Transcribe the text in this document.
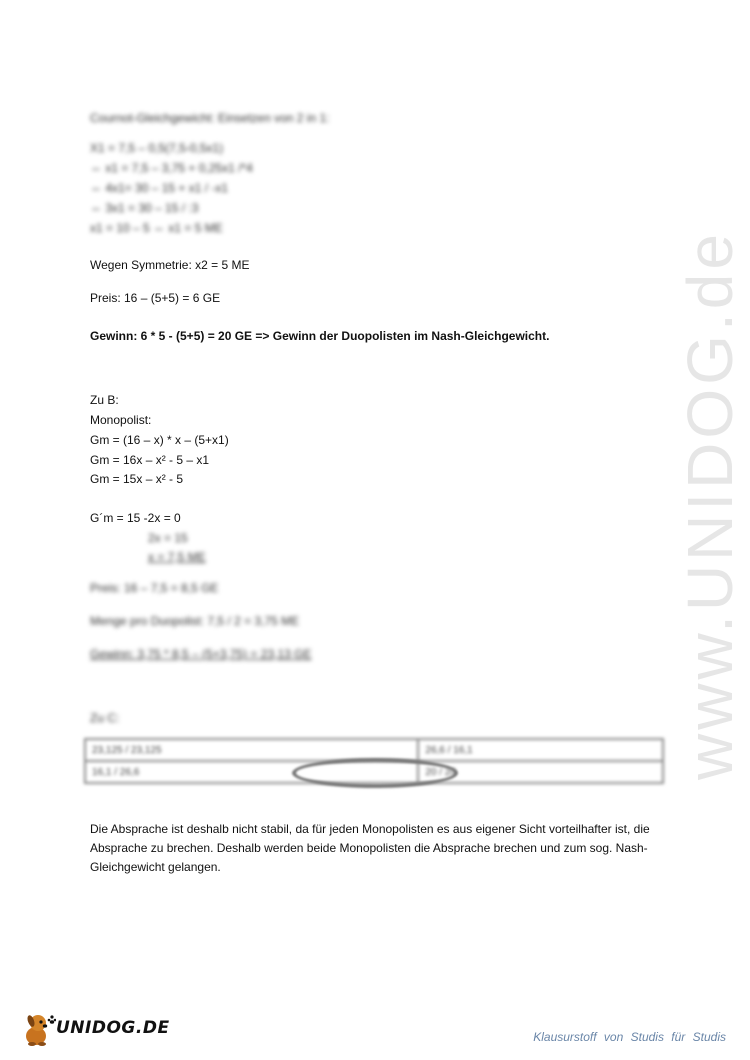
Cournot-Gleichgewicht: Einsetzen von 2 in 1:
X1 = 7,5 – 0,5(7,5-0,5x1)
⇔ x1 = 7,5 – 3,75 + 0,25x1 /*4
⇔ 4x1= 30 – 15 + x1 / -x1
⇔ 3x1 = 30 – 15 / :3
x1 = 10 – 5 ⇔ x1 = 5 ME
Wegen Symmetrie: x2 = 5 ME
Preis: 16 – (5+5) = 6 GE
Gewinn: 6 * 5 - (5+5) = 20 GE => Gewinn der Duopolisten im Nash-Gleichgewicht.
Zu B:
Monopolist:
Gm = (16 – x) * x – (5+x1)
Gm = 16x – x² - 5 – x1
Gm = 15x – x² - 5
G´m = 15 -2x = 0
2x = 15
x = 7,5 ME
Preis: 16 – 7,5 = 8,5 GE
Menge pro Duopolist: 7,5 / 2 = 3,75 ME
Gewinn: 3,75 * 8,5 – (5+3,75) = 23,13 GE
Zu C:
23,125 / 23,125	26,6 / 16,1
16,1 / 26,6	20 / 20
Die Absprache ist deshalb nicht stabil, da für jeden Monopolisten es aus eigener Sicht vorteilhafter ist, die Absprache zu brechen. Deshalb werden beide Monopolisten die Absprache brechen und zum sog. Nash-Gleichgewicht gelangen.
www.UNIDOG.de
UNIDOG.DE	Klausurstoff von Studis für Studis
